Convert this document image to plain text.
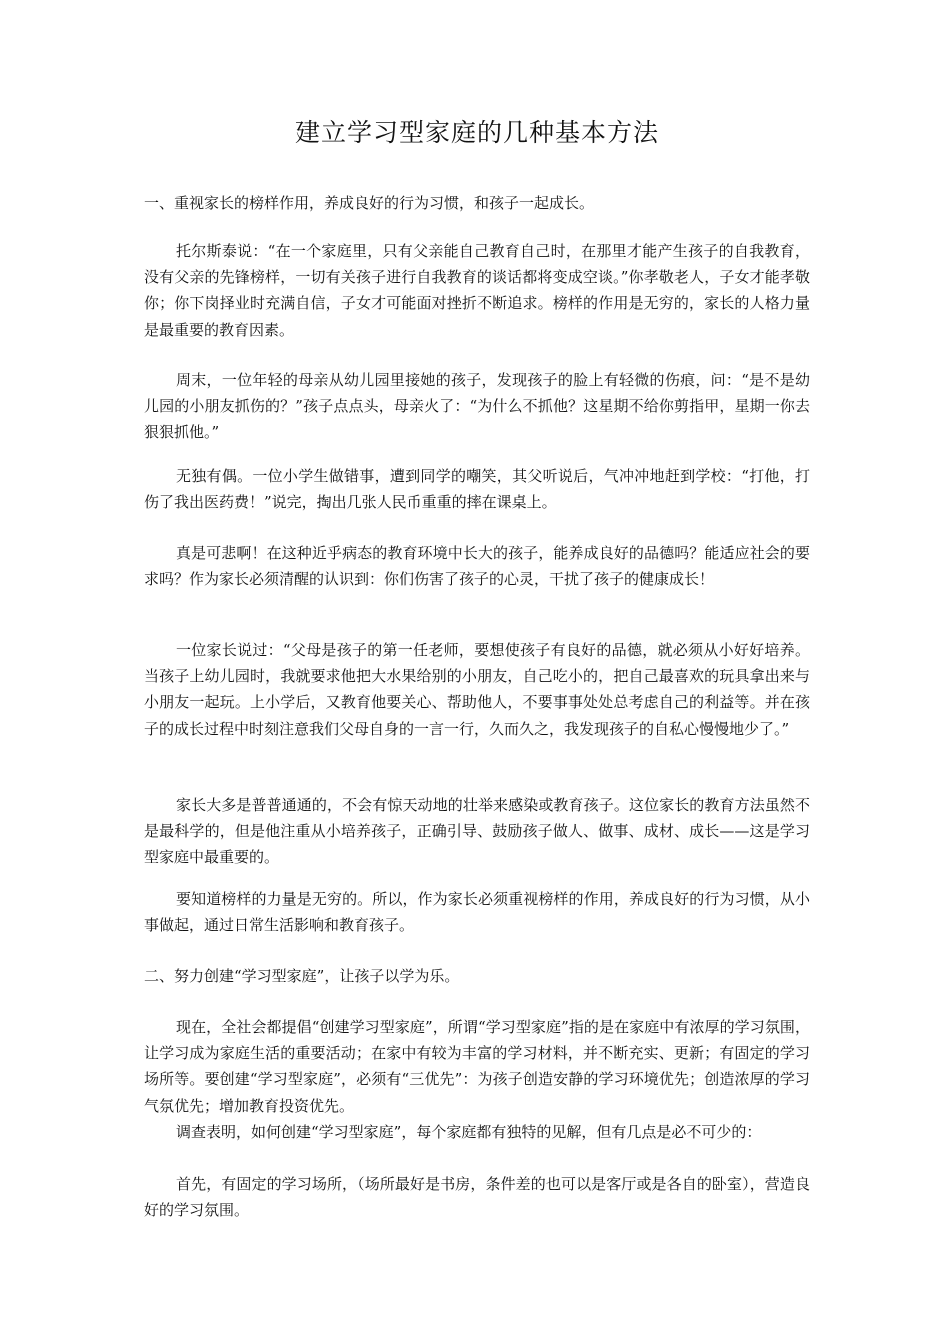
建立学习型家庭的几种基本方法

一、重视家长的榜样作用，养成良好的行为习惯，和孩子一起成长。

托尔斯泰说：“在一个家庭里，只有父亲能自己教育自己时，在那里才能产生孩子的自我教育，没有父亲的先锋榜样，一切有关孩子进行自我教育的谈话都将变成空谈。”你孝敬老人，子女才能孝敬你；你下岗择业时充满自信，子女才可能面对挫折不断追求。榜样的作用是无穷的，家长的人格力量是最重要的教育因素。

周末，一位年轻的母亲从幼儿园里接她的孩子，发现孩子的脸上有轻微的伤痕，问：“是不是幼儿园的小朋友抓伤的？”孩子点点头，母亲火了：“为什么不抓他？这星期不给你剪指甲，星期一你去狠狠抓他。”

无独有偶。一位小学生做错事，遭到同学的嘲笑，其父听说后，气冲冲地赶到学校：“打他，打伤了我出医药费！”说完，掏出几张人民币重重的摔在课桌上。

真是可悲啊！在这种近乎病态的教育环境中长大的孩子，能养成良好的品德吗？能适应社会的要求吗？作为家长必须清醒的认识到：你们伤害了孩子的心灵，干扰了孩子的健康成长！

一位家长说过：“父母是孩子的第一任老师，要想使孩子有良好的品德，就必须从小好好培养。当孩子上幼儿园时，我就要求他把大水果给别的小朋友，自己吃小的，把自己最喜欢的玩具拿出来与小朋友一起玩。上小学后，又教育他要关心、帮助他人，不要事事处处总考虑自己的利益等。并在孩子的成长过程中时刻注意我们父母自身的一言一行，久而久之，我发现孩子的自私心慢慢地少了。”

家长大多是普普通通的，不会有惊天动地的壮举来感染或教育孩子。这位家长的教育方法虽然不是最科学的，但是他注重从小培养孩子，正确引导、鼓励孩子做人、做事、成材、成长——这是学习型家庭中最重要的。

要知道榜样的力量是无穷的。所以，作为家长必须重视榜样的作用，养成良好的行为习惯，从小事做起，通过日常生活影响和教育孩子。

二、努力创建“学习型家庭”，让孩子以学为乐。

现在，全社会都提倡“创建学习型家庭”，所谓“学习型家庭”指的是在家庭中有浓厚的学习氛围，让学习成为家庭生活的重要活动；在家中有较为丰富的学习材料，并不断充实、更新；有固定的学习场所等。要创建“学习型家庭”，必须有“三优先”：为孩子创造安静的学习环境优先；创造浓厚的学习气氛优先；增加教育投资优先。

调查表明，如何创建“学习型家庭”，每个家庭都有独特的见解，但有几点是必不可少的：

首先，有固定的学习场所，（场所最好是书房，条件差的也可以是客厅或是各自的卧室），营造良好的学习氛围。
